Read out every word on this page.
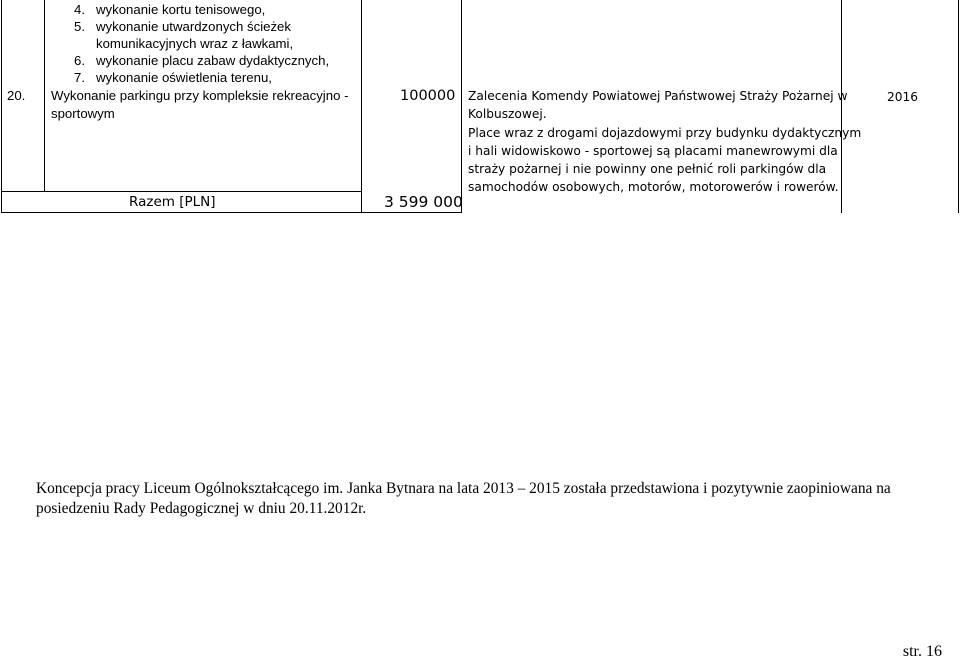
4. wykonanie kortu tenisowego,
5. wykonanie utwardzonych ścieżek
komunikacyjnych wraz z ławkami,
6. wykonanie placu zabaw dydaktycznych,
7. wykonanie oświetlenia terenu,
20. Wykonanie parkingu przy kompleksie rekreacyjno -
sportowym
100000 Zalecenia Komendy Powiatowej Państwowej Straży Pożarnej w

Kolbuszowej.

Place wraz z drogami dojazdowymi przy budynku dydaktycznym

i hali widowiskowo - sportowej są placami manewrowymi dla

straży pożarnej i nie powinny one pełnić roli parkingów dla

samochodów osobowych, motorów, motorowerów i rowerów.

2016
Razem [PLN]	3 599 000
Koncepcja pracy Liceum Ogólnokształcącego im. Janka Bytnara na lata 2013 – 2015 została przedstawiona i pozytywnie zaopiniowana na
posiedzeniu Rady Pedagogicznej w dniu 20.11.2012r.
str. 16
